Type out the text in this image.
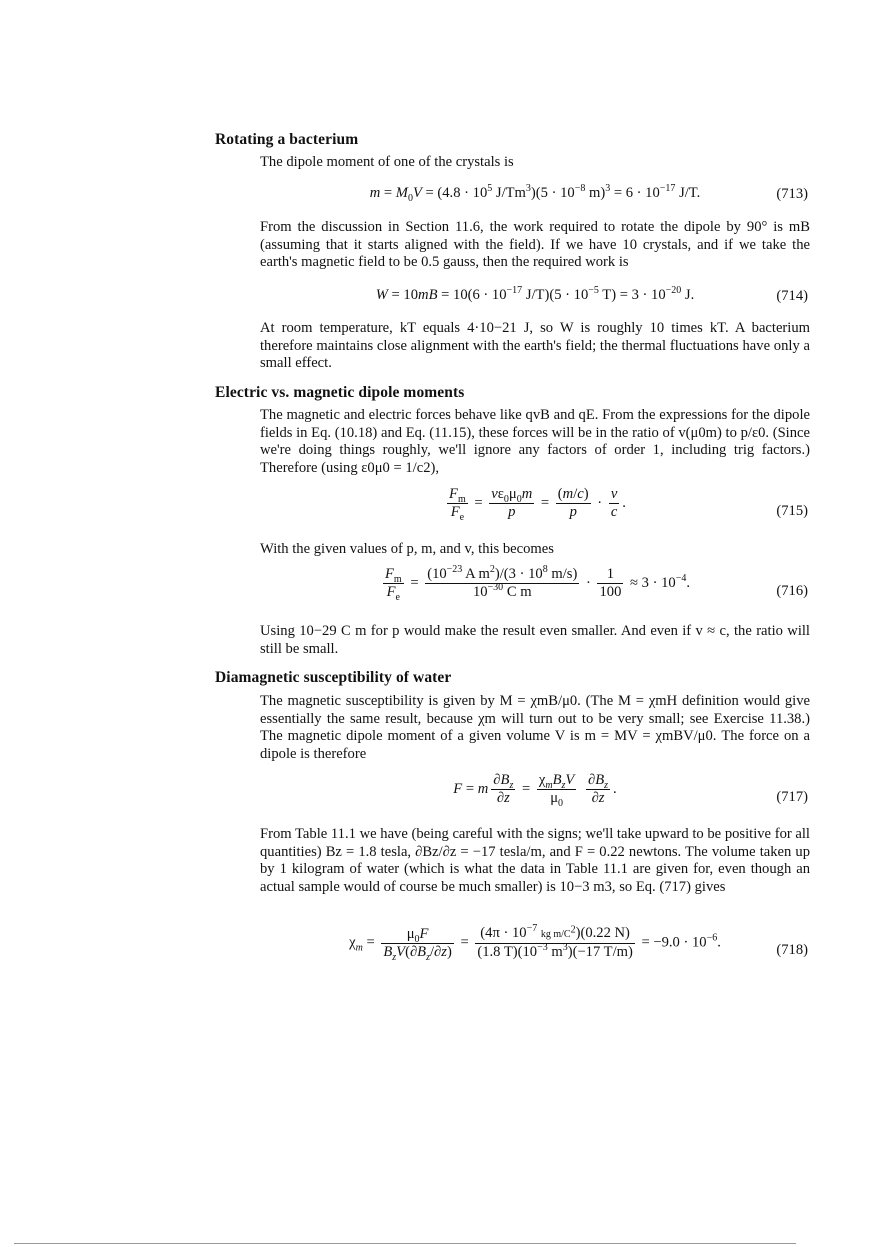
Rotating a bacterium
The dipole moment of one of the crystals is
$m = M_0V = (4.8 \cdot 10^5$ $J/Tm^3)(5 \cdot 10^{-8}$ $m)^3 = 6 \cdot 10^{-17}$ J/T.	(713)
From the discussion in Section 11.6, the work required to rotate the dipole by 90° is mB (assuming that it starts aligned with the field). If we have 10 crystals, and if we take the earth's magnetic field to be 0.5 gauss, then the required work is
$W = 10mB = 10(6 \cdot 10^{-17}$ $J/T)(5 \cdot 10^{-5}$ $T) = 3 \cdot 10^{-20}$ J.	(714)
At room temperature, kT equals 4·10−21 J, so W is roughly 10 times kT. A bacterium therefore maintains close alignment with the earth's field; the thermal fluctuations have only a small effect.
Electric vs. magnetic dipole moments
The magnetic and electric forces behave like qvB and qE. From the expressions for the dipole fields in Eq. (10.18) and Eq. (11.15), these forces will be in the ratio of v(μ0m) to p/ε0. (Since we're doing things roughly, we'll ignore any factors of order 1, including trig factors.) Therefore (using ε0μ0 = 1/c2),
$\frac{F_m}{F_e} = \frac{v\varepsilon_0\mu_0m}{p} = \frac{(m/c)}{p} \cdot \frac{v}{c}$ .
(715)
With the given values of p, m, and v, this becomes
$\frac{F_m}{F_e} = \frac{(10^{-23} A m^2)/(3 \cdot 10^8 m/s)}{10^{-30} C m} \cdot \frac{1}{100} \approx 3 \cdot 10^{-4}$.
(716)
Using 10−29 C m for p would make the result even smaller. And even if v ≈ c, the ratio will still be small.
Diamagnetic susceptibility of water
The magnetic susceptibility is given by M = χmB/μ0. (The M = χmH definition would give essentially the same result, because χm will turn out to be very small; see Exercise 11.38.) The magnetic dipole moment of a given volume V is m = MV = χmBV/μ0. The force on a dipole is therefore
F = m $\frac{\partial B_z}{\partial z}$ =
$\chi_mB_zV$
$\mu_0$
	$\frac{\partial B_z}{\partial z}$ .
(717)
From Table 11.1 we have (being careful with the signs; we'll take upward to be positive for all quantities) Bz = 1.8 tesla, ∂Bz/∂z = −17 tesla/m, and F = 0.22 newtons. The volume taken up by 1 kilogram of water (which is what the data in Table 11.1 are given for, even though an actual sample would of course be much smaller) is 10−3 m3, so Eq. (717) gives
$\chi_m$ =
$\mu_0F$
$B_zV(\partial B_z/\partial z)$
= $\frac{(4\pi \cdot 10^{-7} kg m/C^2)(0.22 N)}{(1.8 T)(10^{-3} m^3)(-17 T/m)} = -9.0 \cdot 10^{-6}$.	(718)
